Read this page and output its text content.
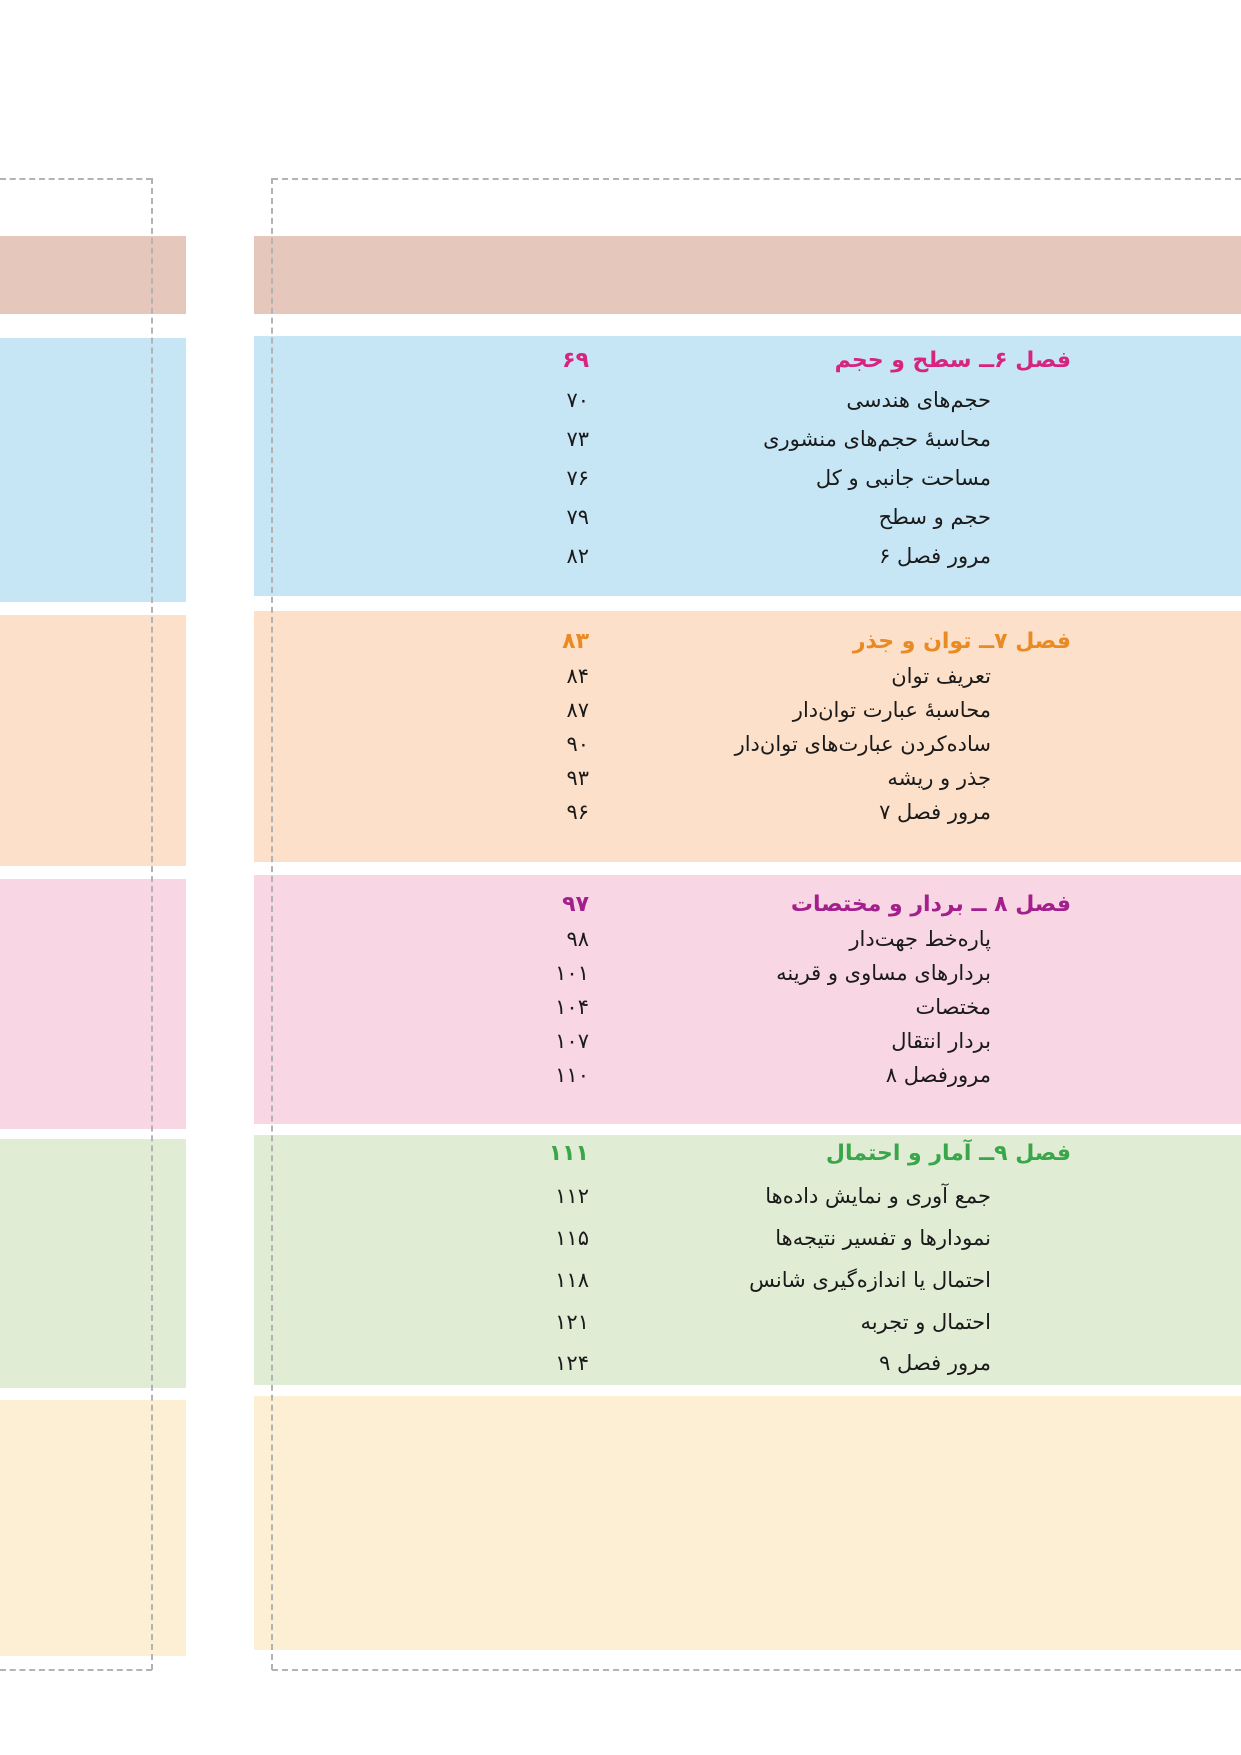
فصل ۶ــ سطح و حجم
۶۹
حجم‌های هندسی
۷۰
محاسبهٔ حجم‌های منشوری
۷۳
مساحت جانبی و کل
۷۶
حجم و سطح
۷۹
مرور فصل ۶
۸۲
فصل ۷ــ توان و جذر
۸۳
تعریف توان
۸۴
محاسبهٔ عبارت توان‌دار
۸۷
ساده‌کردن عبارت‌های توان‌دار
۹۰
جذر و ریشه
۹۳
مرور فصل ۷
۹۶
فصل ۸ ــ بردار و مختصات
۹۷
پاره‌خط جهت‌دار
۹۸
بردارهای مساوی و قرینه
۱۰۱
مختصات
۱۰۴
بردار انتقال
۱۰۷
مرورفصل ۸
۱۱۰
فصل ۹ــ آمار و احتمال
۱۱۱
جمع آوری و نمایش داده‌ها
۱۱۲
نمودارها و تفسیر نتیجه‌ها
۱۱۵
احتمال یا اندازه‌گیری شانس
۱۱۸
احتمال و تجربه
۱۲۱
مرور فصل ۹
۱۲۴
